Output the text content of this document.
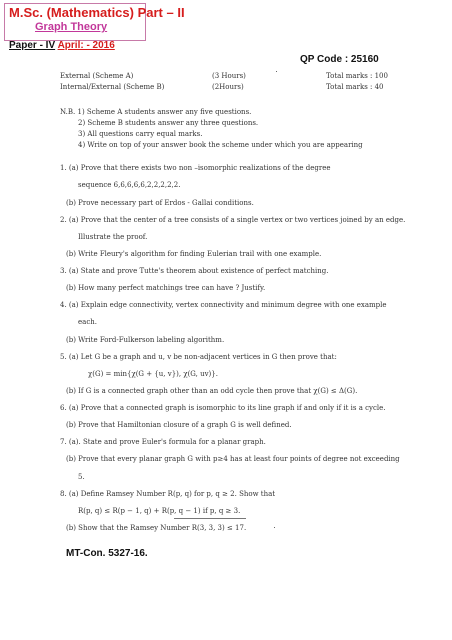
M.Sc. (Mathematics) Part – II
Graph Theory
Paper - IV April: - 2016
QP Code : 25160
External (Scheme A)	(3 Hours)	Total marks : 100
Internal/External (Scheme B)	(2Hours)	Total marks : 40
N.B. 1) Scheme A students answer any five questions.
2) Scheme B students answer any three questions.
3) All questions carry equal marks.
4) Write on top of your answer book the scheme under which you are appearing
1. (a) Prove that there exists two non –isomorphic realizations of the degree
sequence 6,6,6,6,6,2,2,2,2,2.
(b) Prove necessary part of Erdos - Gallai conditions.
2. (a) Prove that the center of a tree consists of a single vertex or two vertices joined by an edge.
Illustrate the proof.
(b) Write Fleury's algorithm for finding Eulerian trail with one example.
3. (a) State and prove Tutte's theorem about existence of perfect matching.
(b) How many perfect matchings tree can have ? Justify.
4. (a) Explain edge connectivity, vertex connectivity and minimum degree with one example
each.
(b) Write Ford-Fulkerson labeling algorithm.
5. (a) Let G be a graph and u, v be non-adjacent vertices in G then prove that:
χ(G) = min{χ(G + {u, v}), χ(G, uv)}.
(b) If G is a connected graph other than an odd cycle then prove that χ(G) ≤ Δ(G).
6. (a) Prove that a connected graph is isomorphic to its line graph if and only if it is a cycle.
(b) Prove that Hamiltonian closure of a graph G is well defined.
7. (a). State and prove Euler's formula for a planar graph.
(b) Prove that every planar graph G with p≥4 has at least four points of degree not exceeding
5.
8. (a) Define Ramsey Number R(p, q) for p, q ≥ 2. Show that
R(p, q) ≤ R(p − 1, q) + R(p, q − 1) if p, q ≥ 3.
(b) Show that the Ramsey Number R(3, 3, 3) ≤ 17.
MT-Con. 5327-16.
